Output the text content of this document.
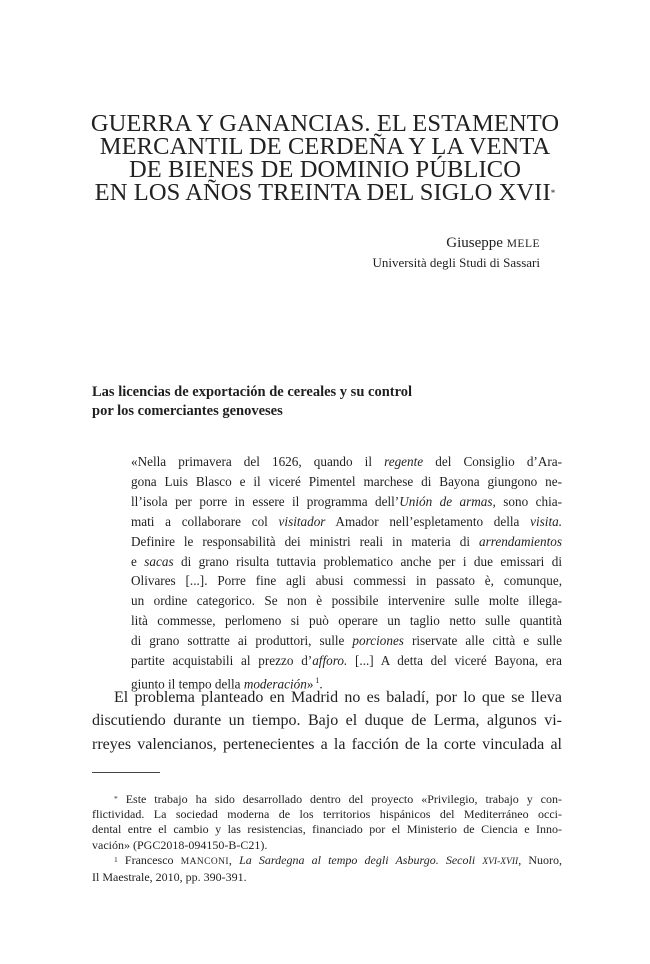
GUERRA Y GANANCIAS. EL ESTAMENTO
MERCANTIL DE CERDEÑA Y LA VENTA
DE BIENES DE DOMINIO PÚBLICO
EN LOS AÑOS TREINTA DEL SIGLO XVII*
Giuseppe MELE
Università degli Studi di Sassari
Las licencias de exportación de cereales y su control
por los comerciantes genoveses
«Nella primavera del 1626, quando il regente del Consiglio d’Ara-
gona Luis Blasco e il viceré Pimentel marchese di Bayona giungono ne-
ll’isola per porre in essere il programma dell’Unión de armas, sono chia-
mati a collaborare col visitador Amador nell’espletamento della visita.
Definire le responsabilità dei ministri reali in materia di arrendamientos
e sacas di grano risulta tuttavia problematico anche per i due emissari di
Olivares [...]. Porre fine agli abusi commessi in passato è, comunque,
un ordine categorico. Se non è possibile intervenire sulle molte illega-
lità commesse, perlomeno si può operare un taglio netto sulle quantità
di grano sottratte ai produttori, sulle porciones riservate alle città e sulle
partite acquistabili al prezzo d’afforo. [...] A detta del viceré Bayona, era
giunto il tempo della moderación» $^1$.
El problema planteado en Madrid no es baladí, por lo que se lleva
discutiendo durante un tiempo. Bajo el duque de Lerma, algunos vi-
rreyes valencianos, pertenecientes a la facción de la corte vinculada al
* Este trabajo ha sido desarrollado dentro del proyecto «Privilegio, trabajo y con-
flictividad. La sociedad moderna de los territorios hispánicos del Mediterráneo occi-
dental entre el cambio y las resistencias, financiado por el Ministerio de Ciencia e Inno-
vación» (PGC2018-094150-B-C21).
$^1$ Francesco MANCONI, La Sardegna al tempo degli Asburgo. Secoli XVI-XVII, Nuoro,
Il Maestrale, 2010, pp. 390-391.
